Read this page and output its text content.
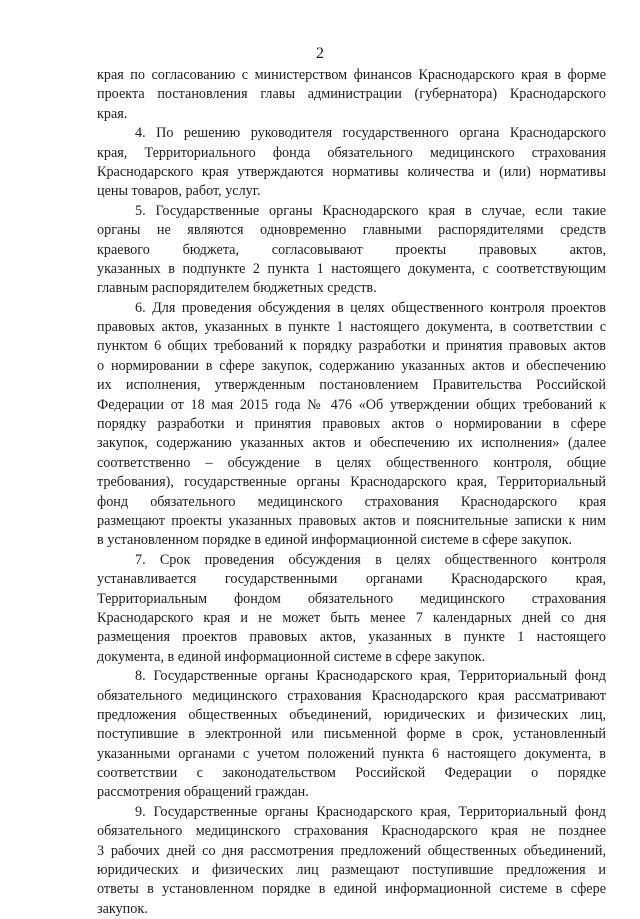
2
края по согласованию с министерством финансов Краснодарского края в форме
проекта постановления главы администрации (губернатора) Краснодарского
края.
4. По решению руководителя государственного органа Краснодарского
края, Территориального фонда обязательного медицинского страхования
Краснодарского края утверждаются нормативы количества и (или) нормативы
цены товаров, работ, услуг.
5. Государственные органы Краснодарского края в случае, если такие
органы не являются одновременно главными распорядителями средств
краевого бюджета, согласовывают проекты правовых актов,
указанных в подпункте 2 пункта 1 настоящего документа, с соответствующим
главным распорядителем бюджетных средств.
6. Для проведения обсуждения в целях общественного контроля проектов
правовых актов, указанных в пункте 1 настоящего документа, в соответствии с
пунктом 6 общих требований к порядку разработки и принятия правовых актов
о нормировании в сфере закупок, содержанию указанных актов и обеспечению
их исполнения, утвержденным постановлением Правительства Российской
Федерации от 18 мая 2015 года № 476 «Об утверждении общих требований к
порядку разработки и принятия правовых актов о нормировании в сфере
закупок, содержанию указанных актов и обеспечению их исполнения» (далее
соответственно – обсуждение в целях общественного контроля, общие
требования), государственные органы Краснодарского края, Территориальный
фонд обязательного медицинского страхования Краснодарского края
размещают проекты указанных правовых актов и пояснительные записки к ним
в установленном порядке в единой информационной системе в сфере закупок.
7. Срок проведения обсуждения в целях общественного контроля
устанавливается государственными органами Краснодарского края,
Территориальным фондом обязательного медицинского страхования
Краснодарского края и не может быть менее 7 календарных дней со дня
размещения проектов правовых актов, указанных в пункте 1 настоящего
документа, в единой информационной системе в сфере закупок.
8. Государственные органы Краснодарского края, Территориальный фонд
обязательного медицинского страхования Краснодарского края рассматривают
предложения общественных объединений, юридических и физических лиц,
поступившие в электронной или письменной форме в срок, установленный
указанными органами с учетом положений пункта 6 настоящего документа, в
соответствии с законодательством Российской Федерации о порядке
рассмотрения обращений граждан.
9. Государственные органы Краснодарского края, Территориальный фонд
обязательного медицинского страхования Краснодарского края не позднее
3 рабочих дней со дня рассмотрения предложений общественных объединений,
юридических и физических лиц размещают поступившие предложения и
ответы в установленном порядке в единой информационной системе в сфере
закупок.
